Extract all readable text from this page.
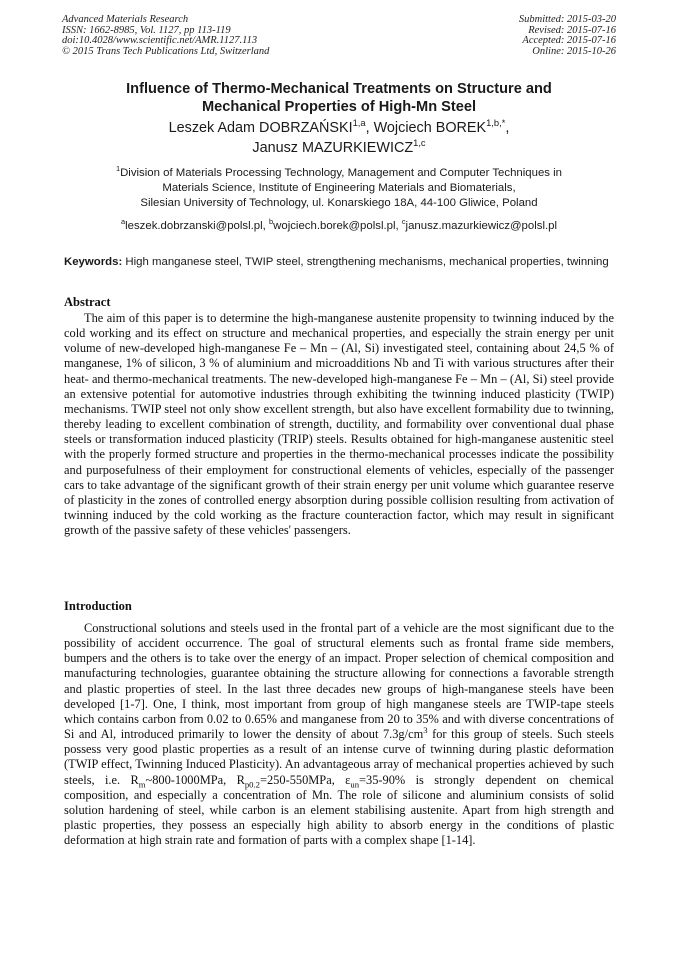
Advanced Materials Research
ISSN: 1662-8985, Vol. 1127, pp 113-119
doi:10.4028/www.scientific.net/AMR.1127.113
© 2015 Trans Tech Publications Ltd, Switzerland
Submitted: 2015-03-20
Revised: 2015-07-16
Accepted: 2015-07-16
Online: 2015-10-26
Influence of Thermo-Mechanical Treatments on Structure and
Mechanical Properties of High-Mn Steel
Leszek Adam DOBRZAŃSKI$^{1,a}$, Wojciech $BOREK^{1,b,*}$,
Janusz MAZURKIEWICZ$^{1,c}$
$^1$Division of Materials Processing Technology, Management and Computer Techniques in
Materials Science, Institute of Engineering Materials and Biomaterials,
Silesian University of Technology, ul. Konarskiego 18A, 44-100 Gliwice, Poland
$^a$leszek.dobrzanski@polsl.pl, $^b$wojciech.borek@polsl.pl, $^c$janusz.mazurkiewicz@polsl.pl
Keywords: High manganese steel, TWIP steel, strengthening mechanisms, mechanical properties, twinning
Abstract

The aim of this paper is to determine the high-manganese austenite propensity to twinning induced by the cold working and its effect on structure and mechanical properties, and especially the strain energy per unit volume of new-developed high-manganese Fe – Mn – (Al, Si) investigated steel, containing about 24,5 % of manganese, 1% of silicon, 3 % of aluminium and microadditions Nb and Ti with various structures after their heat- and thermo-mechanical treatments. The new-developed high-manganese Fe – Mn – (Al, Si) steel provide an extensive potential for automotive industries through exhibiting the twinning induced plasticity (TWIP) mechanisms. TWIP steel not only show excellent strength, but also have excellent formability due to twinning, thereby leading to excellent combination of strength, ductility, and formability over conventional dual phase steels or transformation induced plasticity (TRIP) steels. Results obtained for high-manganese austenitic steel with the properly formed structure and properties in the thermo-mechanical processes indicate the possibility and purposefulness of their employment for constructional elements of vehicles, especially of the passenger cars to take advantage of the significant growth of their strain energy per unit volume which guarantee reserve of plasticity in the zones of controlled energy absorption during possible collision resulting from activation of twinning induced by the cold working as the fracture counteraction factor, which may result in significant growth of the passive safety of these vehicles' passengers.

Introduction

Constructional solutions and steels used in the frontal part of a vehicle are the most significant due to the possibility of accident occurrence. The goal of structural elements such as frontal frame side members, bumpers and the others is to take over the energy of an impact. Proper selection of chemical composition and manufacturing technologies, guarantee obtaining the structure allowing for connections a favorable strength and plastic properties of steel. In the last three decades new groups of high-manganese steels have been developed [1-7]. One, I think, most important from group of high manganese steels are TWIP-tape steels which contains carbon from 0.02 to 0.65% and manganese from 20 to 35% and with diverse concentrations of Si and Al, introduced primarily to lower the density of about $7.3g/cm^3$ for this group of steels. Such steels possess very good plastic properties as a result of an intense curve of twinning during plastic deformation (TWIP effect, Twinning Induced Plasticity). An advantageous array of mechanical properties achieved by such steels, i.e. $R_m\sim 800-1000MPa$, $R_{p0.2}=250-550MPa$, $\varepsilon_{un}=35-90\%$ is strongly dependent on chemical composition, and especially a concentration of Mn. The role of silicone and aluminium consists of solid solution hardening of steel, while carbon is an element stabilising austenite. Apart from high strength and plastic properties, they possess an especially high ability to absorb energy in the conditions of plastic deformation at high strain rate and formation of parts with a complex shape [1-14].
